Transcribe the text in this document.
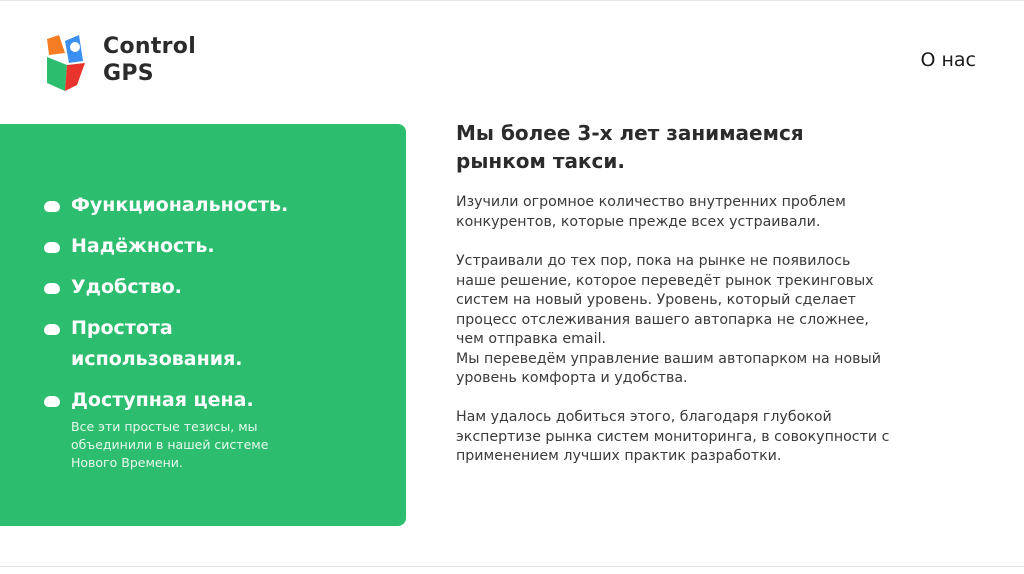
Control
GPS
О нас
Функциональность.
Надёжность.
Удобство.
Простота использования.
Доступная цена.

Все эти простые тезисы, мы объединили в нашей системе Нового Времени.

Мы более 3-х лет занимаемся рынком такси.

Изучили огромное количество внутренних проблем
конкурентов, которые прежде всех устраивали.

Устраивали до тех пор, пока на рынке не появилось
наше решение, которое переведёт рынок трекинговых
систем на новый уровень. Уровень, который сделает
процесс отслеживания вашего автопарка не сложнее,
чем отправка email.
Мы переведём управление вашим автопарком на новый
уровень комфорта и удобства.

Нам удалось добиться этого, благодаря глубокой
экспертизе рынка систем мониторинга, в совокупности с
применением лучших практик разработки.
